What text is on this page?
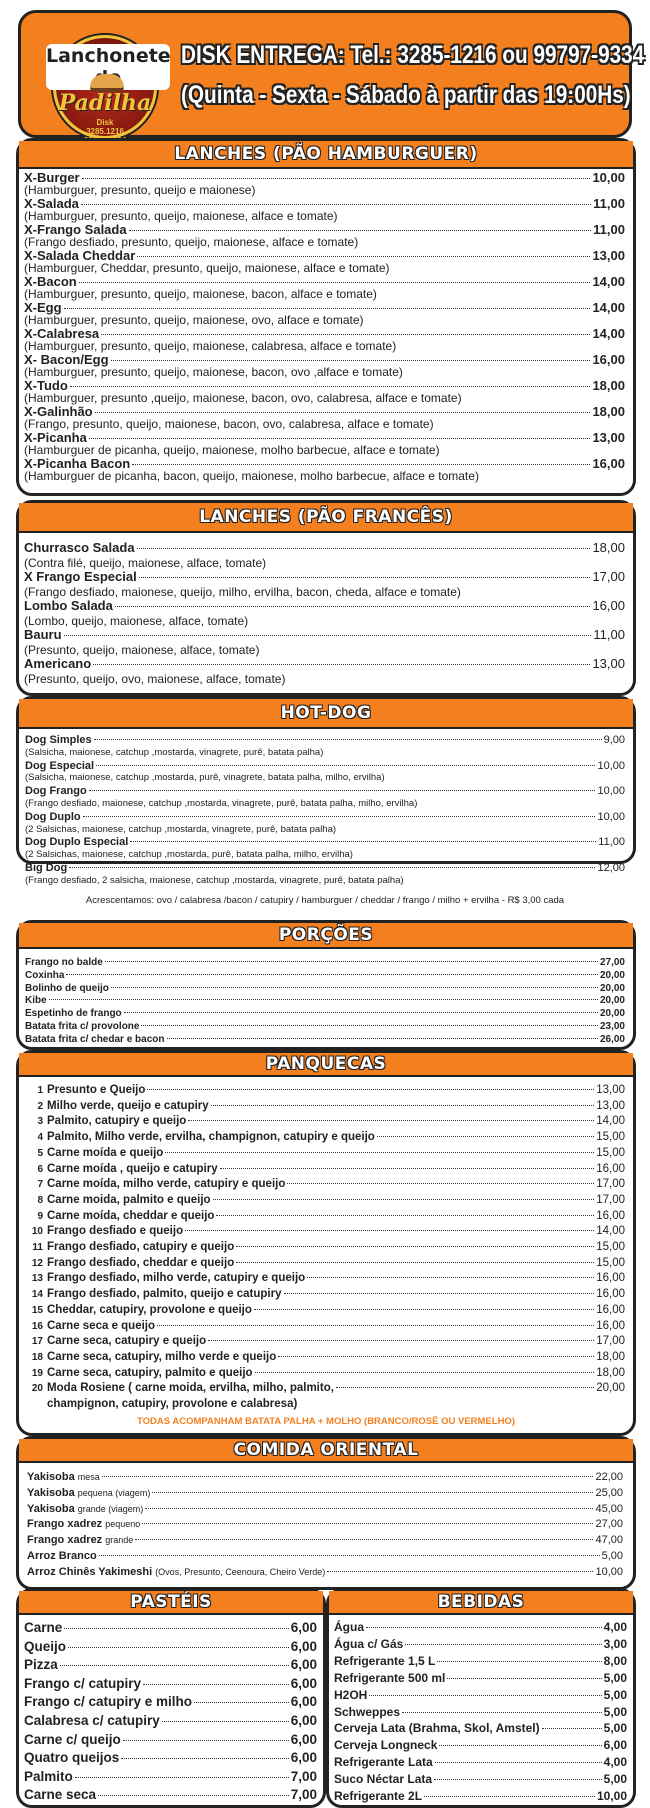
Lanchonete
Padilha
Disk
3285.1216
DISK ENTREGA: Tel.: 3285-1216 ou 99797-9334
(Quinta - Sexta - Sábado à partir das 19:00Hs)
LANCHES (PÃO HAMBURGUER)
X-Burger	10,00
(Hamburguer, presunto, queijo e maionese)
X-Salada	11,00
(Hamburguer, presunto, queijo, maionese, alface e tomate)
X-Frango Salada	11,00
(Frango desfiado, presunto, queijo, maionese, alface e tomate)
X-Salada Cheddar	13,00
(Hamburguer, Cheddar, presunto, queijo, maionese, alface e tomate)
X-Bacon	14,00
(Hamburguer, presunto, queijo, maionese, bacon, alface e tomate)
X-Egg	14,00
(Hamburguer, presunto, queijo, maionese, ovo, alface e tomate)
X-Calabresa	14,00
(Hamburguer, presunto, queijo, maionese, calabresa, alface e tomate)
X- Bacon/Egg	16,00
(Hamburguer, presunto, queijo, maionese, bacon, ovo ,alface e tomate)
X-Tudo	18,00
(Hamburguer, presunto ,queijo, maionese, bacon, ovo, calabresa, alface e tomate)
X-Galinhão	18,00
(Frango, presunto, queijo, maionese, bacon, ovo, calabresa, alface e tomate)
X-Picanha	13,00
(Hamburguer de picanha, queijo, maionese, molho barbecue, alface e tomate)
X-Picanha Bacon	16,00
(Hamburguer de picanha, bacon, queijo, maionese, molho barbecue, alface e tomate)
LANCHES (PÃO FRANCÊS)
Churrasco Salada	18,00
(Contra filé, queijo, maionese, alface, tomate)
X Frango Especial	17,00
(Frango desfiado, maionese, queijo, milho, ervilha, bacon, cheda, alface e tomate)
Lombo Salada	16,00
(Lombo, queijo, maionese, alface, tomate)
Bauru	11,00
(Presunto, queijo, maionese, alface, tomate)
Americano	13,00
(Presunto, queijo, ovo, maionese, alface, tomate)
HOT-DOG
Dog Simples	9,00
(Salsicha, maionese, catchup ,mostarda, vinagrete, purê, batata palha)
Dog Especial	10,00
(Salsicha, maionese, catchup ,mostarda, purê, vinagrete, batata palha, milho, ervilha)
Dog Frango	10,00
(Frango desfiado, maionese, catchup ,mostarda, vinagrete, purê, batata palha, milho, ervilha)
Dog Duplo	10,00
(2 Salsichas, maionese, catchup ,mostarda, vinagrete, purê, batata palha)
Dog Duplo Especial	11,00
(2 Salsichas, maionese, catchup ,mostarda, purê, batata palha, milho, ervilha)
Big Dog	12,00
(Frango desfiado, 2 salsicha, maionese, catchup ,mostarda, vinagrete, purê, batata palha)
Acrescentamos: ovo / calabresa /bacon / catupiry / hamburguer / cheddar / frango / milho + ervilha - R$ 3,00 cada
PORÇÕES
Frango no balde	27,00
Coxinha	20,00
Bolinho de queijo	20,00
Kibe	20,00
Espetinho de frango	20,00
Batata frita c/ provolone	23,00
Batata frita c/ chedar e bacon	26,00
PANQUECAS
1 Presunto e Queijo	13,00
2 Milho verde, queijo e catupiry	13,00
3 Palmito, catupiry e queijo	14,00
4 Palmito, Milho verde, ervilha, champignon, catupiry e queijo	15,00
5 Carne moída e queijo	15,00
6 Carne moída , queijo e catupiry	16,00
7 Carne moída, milho verde, catupiry e queijo	17,00
8 Carne moida, palmito e queijo	17,00
9 Carne moída, cheddar e queijo	16,00
10 Frango desfiado e queijo	14,00
11 Frango desfiado, catupiry e queijo	15,00
12 Frango desfiado, cheddar e queijo	15,00
13 Frango desfiado, milho verde, catupiry e queijo	16,00
14 Frango desfiado, palmito, queijo e catupiry	16,00
15 Cheddar, catupiry, provolone e queijo	16,00
16 Carne seca e queijo	16,00
17 Carne seca, catupiry e queijo	17,00
18 Carne seca, catupiry, milho verde e queijo	18,00
19 Carne seca, catupiry, palmito e queijo	18,00
20 Moda Rosiene ( carne moida, ervilha, milho, palmito,	20,00
champignon, catupiry, provolone e calabresa)
TODAS ACOMPANHAM BATATA PALHA + MOLHO (BRANCO/ROSÊ OU VERMELHO)
COMIDA ORIENTAL
Yakisoba mesa	22,00
Yakisoba pequena (viagem)	25,00
Yakisoba grande (viagem)	45,00
Frango xadrez pequeno	27,00
Frango xadrez grande	47,00
Arroz Branco	5,00
Arroz Chinês Yakimeshi (Ovos, Presunto, Ceenoura, Cheiro Verde)	10,00
PASTÉIS
Carne	6,00
Queijo	6,00
Pizza	6,00
Frango c/ catupiry	6,00
Frango c/ catupiry e milho	6,00
Calabresa c/ catupiry	6,00
Carne c/ queijo	6,00
Quatro queijos	6,00
Palmito	7,00
Carne seca	7,00
BEBIDAS
Água	4,00
Água c/ Gás	3,00
Refrigerante 1,5 L	8,00
Refrigerante 500 ml	5,00
H2OH	5,00
Schweppes	5,00
Cerveja Lata (Brahma, Skol, Amstel)	5,00
Cerveja Longneck	6,00
Refrigerante Lata	4,00
Suco Néctar Lata	5,00
Refrigerante 2L	10,00
